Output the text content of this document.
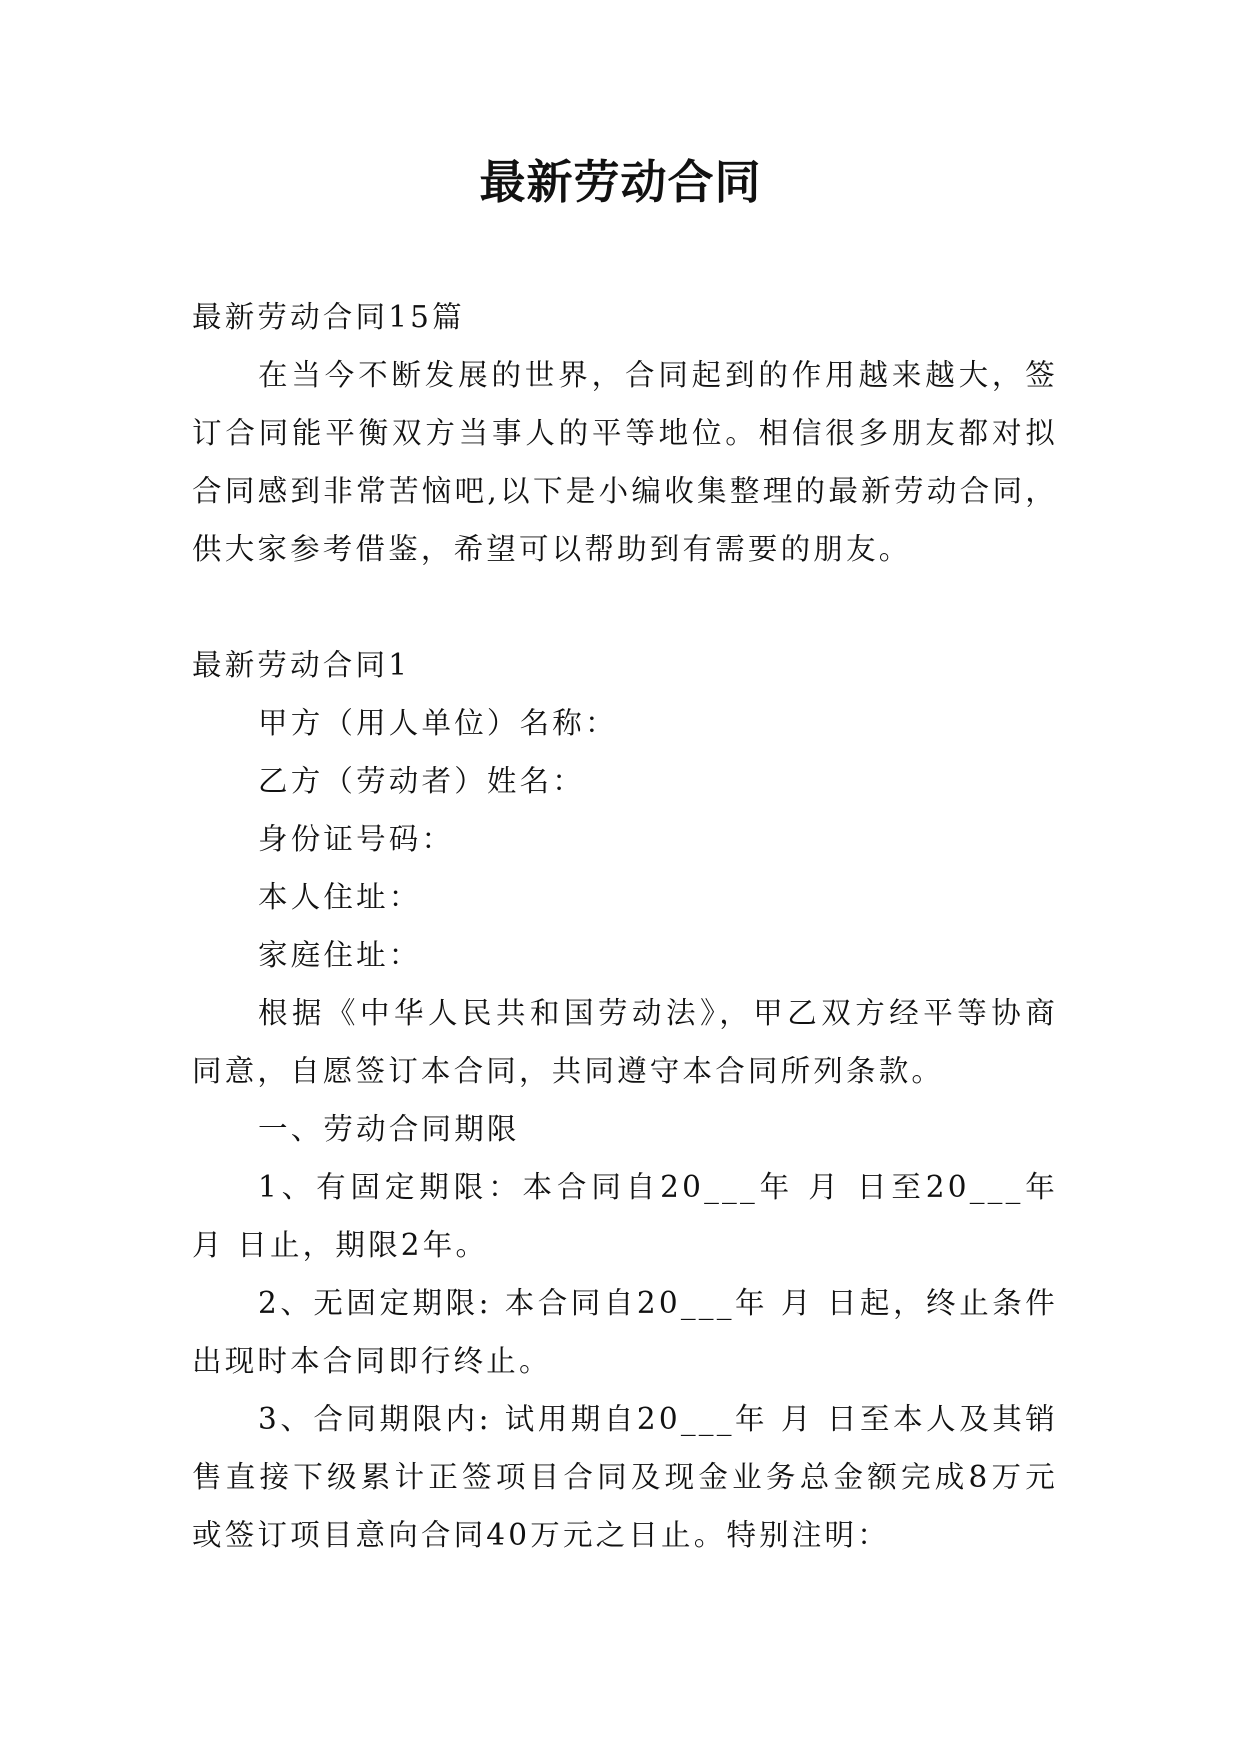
最新劳动合同

最新劳动合同15篇

在当今不断发展的世界，合同起到的作用越来越大，签订合同能平衡双方当事人的平等地位。相信很多朋友都对拟合同感到非常苦恼吧,以下是小编收集整理的最新劳动合同，供大家参考借鉴，希望可以帮助到有需要的朋友。

最新劳动合同1

甲方（用人单位）名称：

乙方（劳动者）姓名：

身份证号码：

本人住址：

家庭住址：

根据《中华人民共和国劳动法》，甲乙双方经平等协商同意，自愿签订本合同，共同遵守本合同所列条款。

一、劳动合同期限

1、有固定期限：本合同自20___年 月 日至20___年 月 日止，期限2年。

2、无固定期限: 本合同自20___年 月 日起，终止条件出现时本合同即行终止。

3、合同期限内: 试用期自20___年 月 日至本人及其销售直接下级累计正签项目合同及现金业务总金额完成8万元或签订项目意向合同40万元之日止。特别注明：
